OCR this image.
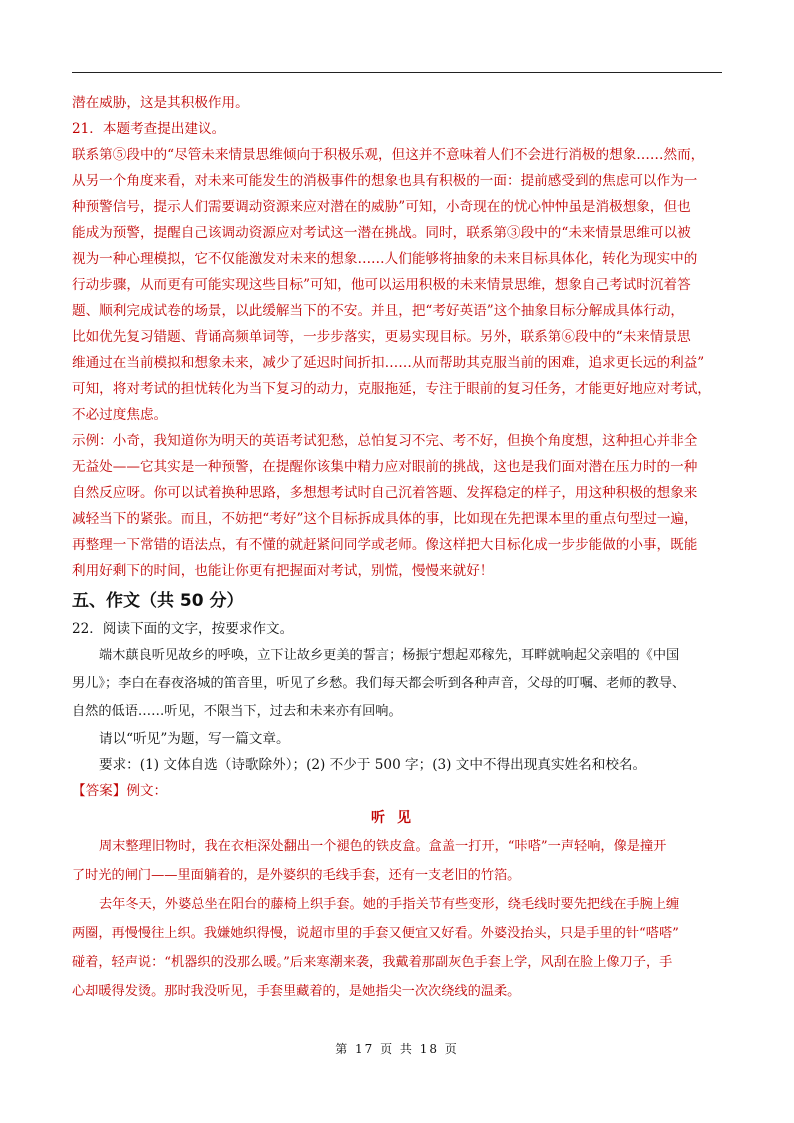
潜在威胁，这是其积极作用。
21．本题考查提出建议。
联系第⑤段中的“尽管未来情景思维倾向于积极乐观，但这并不意味着人们不会进行消极的想象……然而，
从另一个角度来看，对未来可能发生的消极事件的想象也具有积极的一面：提前感受到的焦虑可以作为一
种预警信号，提示人们需要调动资源来应对潜在的威胁”可知，小奇现在的忧心忡忡虽是消极想象，但也
能成为预警，提醒自己该调动资源应对考试这一潜在挑战。同时，联系第③段中的“未来情景思维可以被
视为一种心理模拟，它不仅能激发对未来的想象……人们能够将抽象的未来目标具体化，转化为现实中的
行动步骤，从而更有可能实现这些目标”可知，他可以运用积极的未来情景思维，想象自己考试时沉着答
题、顺利完成试卷的场景，以此缓解当下的不安。并且，把“考好英语”这个抽象目标分解成具体行动，
比如优先复习错题、背诵高频单词等，一步步落实，更易实现目标。另外，联系第⑥段中的“未来情景思
维通过在当前模拟和想象未来，减少了延迟时间折扣……从而帮助其克服当前的困难，追求更长远的利益”
可知，将对考试的担忧转化为当下复习的动力，克服拖延，专注于眼前的复习任务，才能更好地应对考试，
不必过度焦虑。
示例：小奇，我知道你为明天的英语考试犯愁，总怕复习不完、考不好，但换个角度想，这种担心并非全
无益处——它其实是一种预警，在提醒你该集中精力应对眼前的挑战，这也是我们面对潜在压力时的一种
自然反应呀。你可以试着换种思路，多想想考试时自己沉着答题、发挥稳定的样子，用这种积极的想象来
减轻当下的紧张。而且，不妨把“考好”这个目标拆成具体的事，比如现在先把课本里的重点句型过一遍，
再整理一下常错的语法点，有不懂的就赶紧问同学或老师。像这样把大目标化成一步步能做的小事，既能
利用好剩下的时间，也能让你更有把握面对考试，别慌，慢慢来就好！
五、作文（共 50 分）
22．阅读下面的文字，按要求作文。
端木蕻良听见故乡的呼唤，立下让故乡更美的誓言；杨振宁想起邓稼先，耳畔就响起父亲唱的《中国
男儿》；李白在春夜洛城的笛音里，听见了乡愁。我们每天都会听到各种声音，父母的叮嘱、老师的教导、
自然的低语……听见，不限当下，过去和未来亦有回响。
请以“听见”为题，写一篇文章。
要求：(1) 文体自选（诗歌除外）；(2) 不少于 500 字；(3) 文中不得出现真实姓名和校名。
【答案】例文：
听见
周末整理旧物时，我在衣柜深处翻出一个褪色的铁皮盒。盒盖一打开，“咔嗒”一声轻响，像是撞开
了时光的闸门——里面躺着的，是外婆织的毛线手套，还有一支老旧的竹箔。
去年冬天，外婆总坐在阳台的藤椅上织手套。她的手指关节有些变形，绕毛线时要先把线在手腕上缠
两圈，再慢慢往上织。我嫌她织得慢，说超市里的手套又便宜又好看。外婆没抬头，只是手里的针“嗒嗒”
碰着，轻声说：“机器织的没那么暖。”后来寒潮来袭，我戴着那副灰色手套上学，风刮在脸上像刀子，手
心却暖得发烫。那时我没听见，手套里藏着的，是她指尖一次次绕线的温柔。
第 17 页 共 18 页
